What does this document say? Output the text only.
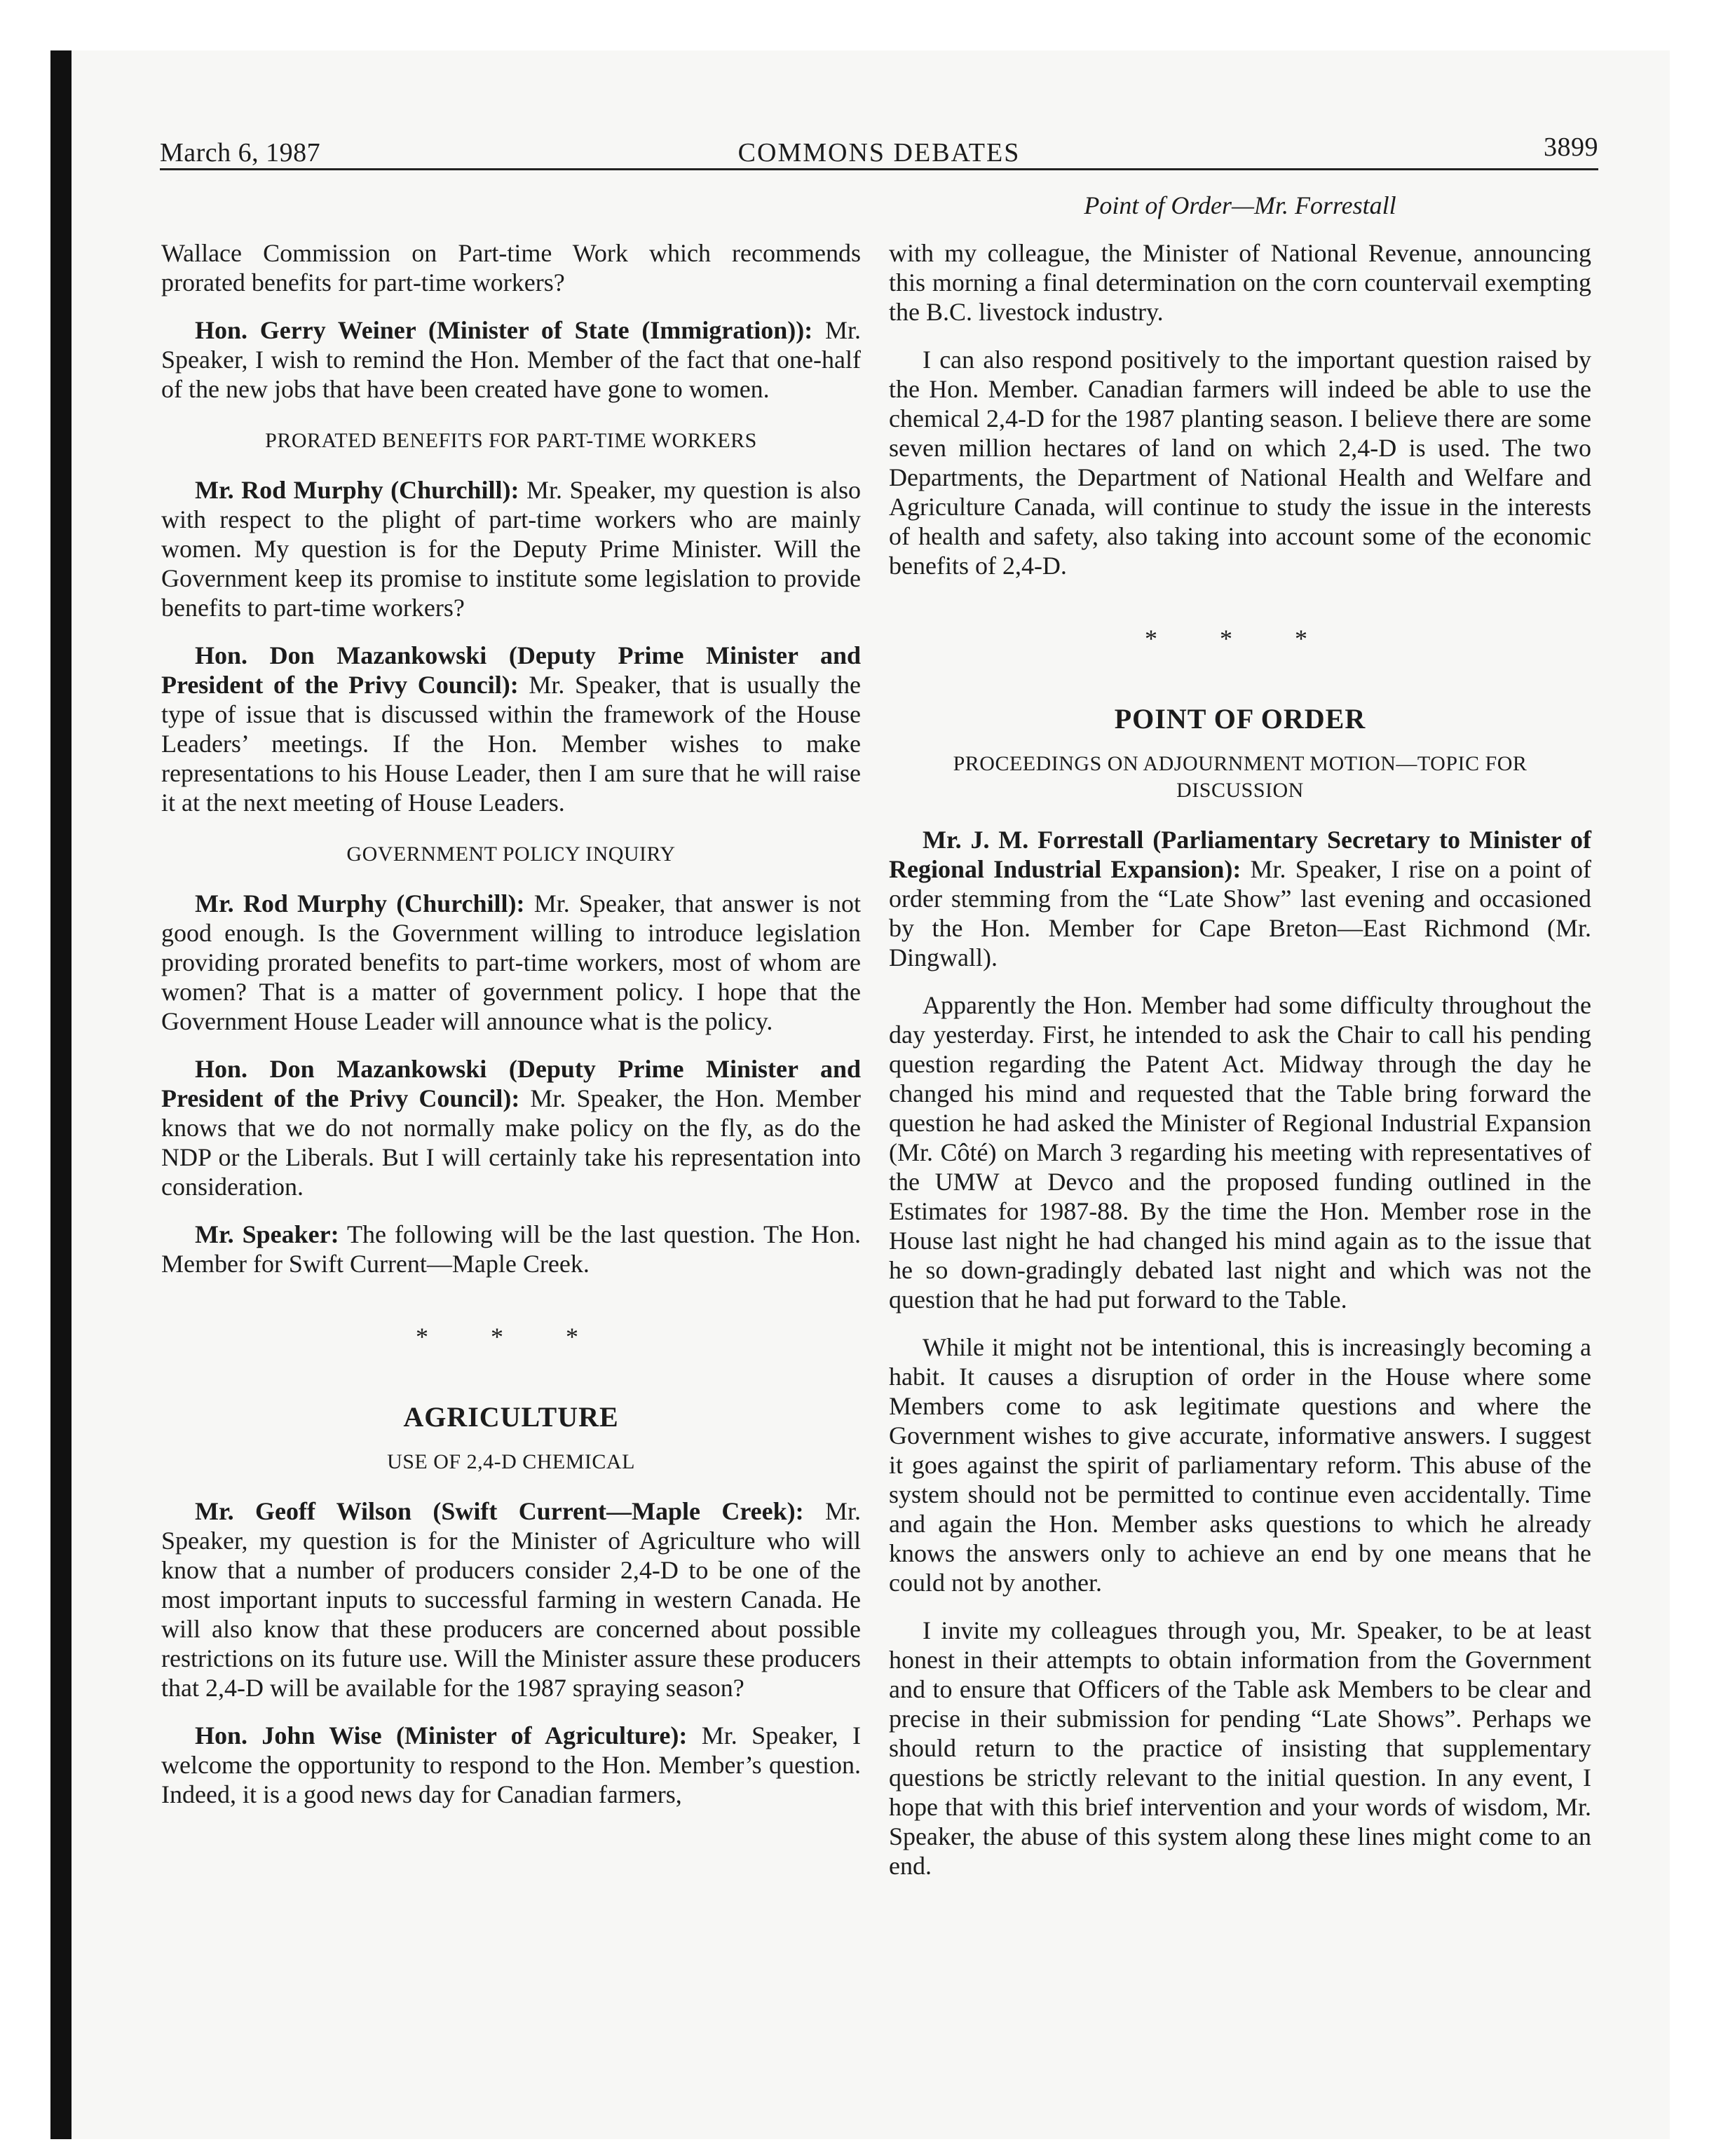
March 6, 1987	COMMONS DEBATES	3899

Wallace Commission on Part-time Work which recommends prorated benefits for part-time workers?

Hon. Gerry Weiner (Minister of State (Immigration)): Mr. Speaker, I wish to remind the Hon. Member of the fact that one-half of the new jobs that have been created have gone to women.

PRORATED BENEFITS FOR PART-TIME WORKERS

Mr. Rod Murphy (Churchill): Mr. Speaker, my question is also with respect to the plight of part-time workers who are mainly women. My question is for the Deputy Prime Minister. Will the Government keep its promise to institute some legislation to provide benefits to part-time workers?

Hon. Don Mazankowski (Deputy Prime Minister and President of the Privy Council): Mr. Speaker, that is usually the type of issue that is discussed within the framework of the House Leaders’ meetings. If the Hon. Member wishes to make representations to his House Leader, then I am sure that he will raise it at the next meeting of House Leaders.

GOVERNMENT POLICY INQUIRY

Mr. Rod Murphy (Churchill): Mr. Speaker, that answer is not good enough. Is the Government willing to introduce legislation providing prorated benefits to part-time workers, most of whom are women? That is a matter of government policy. I hope that the Government House Leader will announce what is the policy.

Hon. Don Mazankowski (Deputy Prime Minister and President of the Privy Council): Mr. Speaker, the Hon. Member knows that we do not normally make policy on the fly, as do the NDP or the Liberals. But I will certainly take his representation into consideration.

Mr. Speaker: The following will be the last question. The Hon. Member for Swift Current—Maple Creek.

* * *
AGRICULTURE
USE OF 2,4-D CHEMICAL

Mr. Geoff Wilson (Swift Current—Maple Creek): Mr. Speaker, my question is for the Minister of Agriculture who will know that a number of producers consider 2,4-D to be one of the most important inputs to successful farming in western Canada. He will also know that these producers are concerned about possible restrictions on its future use. Will the Minister assure these producers that 2,4-D will be available for the 1987 spraying season?

Hon. John Wise (Minister of Agriculture): Mr. Speaker, I welcome the opportunity to respond to the Hon. Member’s question. Indeed, it is a good news day for Canadian farmers,

Point of Order—Mr. Forrestall

with my colleague, the Minister of National Revenue, announcing this morning a final determination on the corn countervail exempting the B.C. livestock industry.

I can also respond positively to the important question raised by the Hon. Member. Canadian farmers will indeed be able to use the chemical 2,4-D for the 1987 planting season. I believe there are some seven million hectares of land on which 2,4-D is used. The two Departments, the Department of National Health and Welfare and Agriculture Canada, will continue to study the issue in the interests of health and safety, also taking into account some of the economic benefits of 2,4-D.

* * *
POINT OF ORDER
PROCEEDINGS ON ADJOURNMENT MOTION—TOPIC FOR DISCUSSION

Mr. J. M. Forrestall (Parliamentary Secretary to Minister of Regional Industrial Expansion): Mr. Speaker, I rise on a point of order stemming from the “Late Show” last evening and occasioned by the Hon. Member for Cape Breton—East Richmond (Mr. Dingwall).

Apparently the Hon. Member had some difficulty throughout the day yesterday. First, he intended to ask the Chair to call his pending question regarding the Patent Act. Midway through the day he changed his mind and requested that the Table bring forward the question he had asked the Minister of Regional Industrial Expansion (Mr. Côté) on March 3 regarding his meeting with representatives of the UMW at Devco and the proposed funding outlined in the Estimates for 1987-88. By the time the Hon. Member rose in the House last night he had changed his mind again as to the issue that he so down-gradingly debated last night and which was not the question that he had put forward to the Table.

While it might not be intentional, this is increasingly becoming a habit. It causes a disruption of order in the House where some Members come to ask legitimate questions and where the Government wishes to give accurate, informative answers. I suggest it goes against the spirit of parliamentary reform. This abuse of the system should not be permitted to continue even accidentally. Time and again the Hon. Member asks questions to which he already knows the answers only to achieve an end by one means that he could not by another.

I invite my colleagues through you, Mr. Speaker, to be at least honest in their attempts to obtain information from the Government and to ensure that Officers of the Table ask Members to be clear and precise in their submission for pending “Late Shows”. Perhaps we should return to the practice of insisting that supplementary questions be strictly relevant to the initial question. In any event, I hope that with this brief intervention and your words of wisdom, Mr. Speaker, the abuse of this system along these lines might come to an end.
